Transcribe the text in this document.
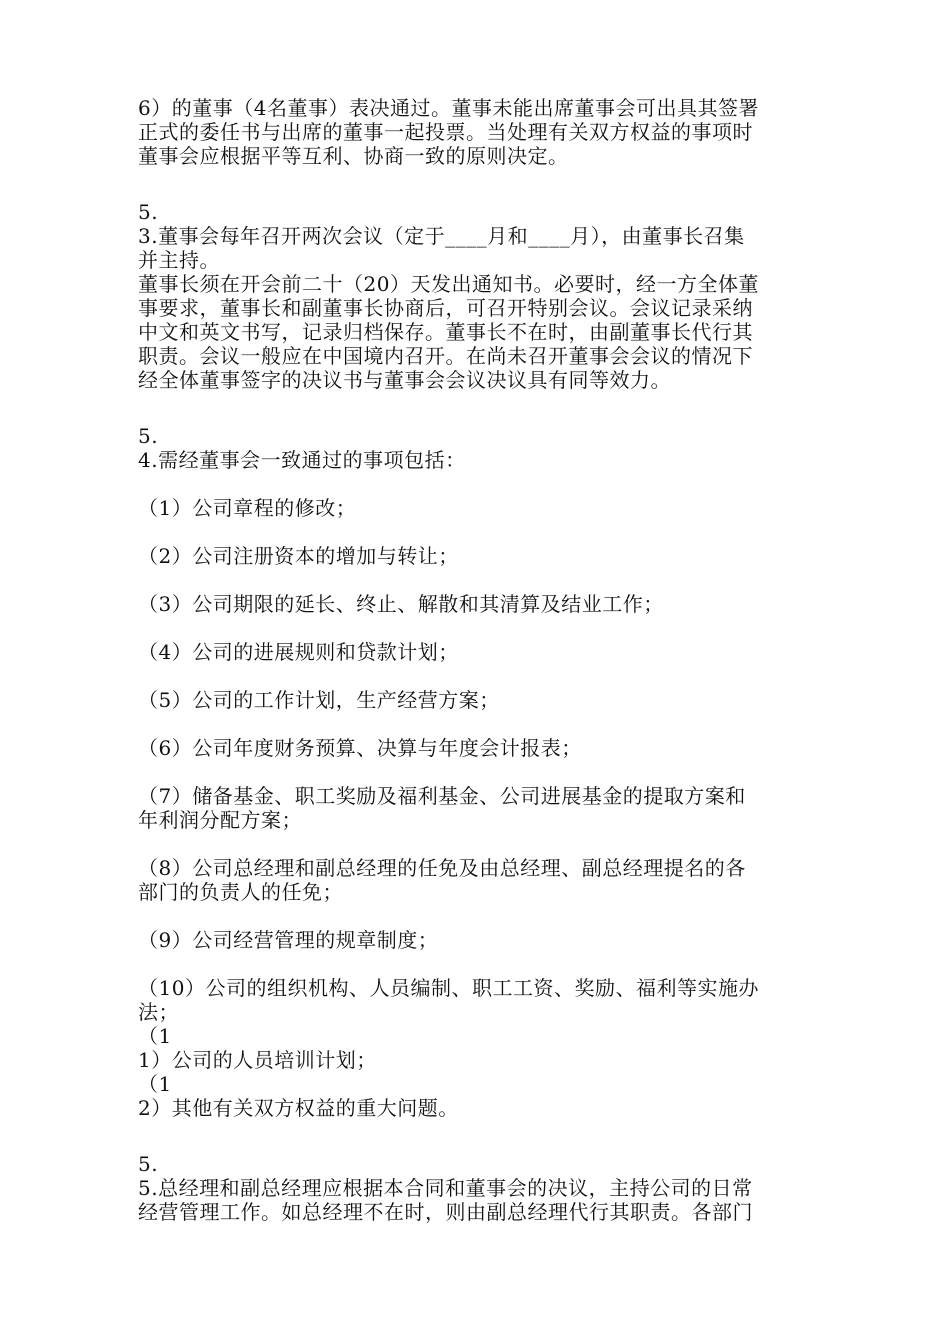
6）的董事（4名董事）表决通过。董事未能出席董事会可出具其签署
正式的委任书与出席的董事一起投票。当处理有关双方权益的事项时
董事会应根据平等互利、协商一致的原则决定。
5.
3.董事会每年召开两次会议（定于____月和____月），由董事长召集
并主持。
董事长须在开会前二十（20）天发出通知书。必要时，经一方全体董
事要求，董事长和副董事长协商后，可召开特别会议。会议记录采纳
中文和英文书写，记录归档保存。董事长不在时，由副董事长代行其
职责。会议一般应在中国境内召开。在尚未召开董事会会议的情况下
经全体董事签字的决议书与董事会会议决议具有同等效力。
5.
4.需经董事会一致通过的事项包括：
（1）公司章程的修改；
（2）公司注册资本的增加与转让；
（3）公司期限的延长、终止、解散和其清算及结业工作；
（4）公司的进展规则和贷款计划；
（5）公司的工作计划，生产经营方案；
（6）公司年度财务预算、决算与年度会计报表；
（7）储备基金、职工奖励及福利基金、公司进展基金的提取方案和
年利润分配方案；
（8）公司总经理和副总经理的任免及由总经理、副总经理提名的各
部门的负责人的任免；
（9）公司经营管理的规章制度；
（10）公司的组织机构、人员编制、职工工资、奖励、福利等实施办
法；
（1
1）公司的人员培训计划；
（1
2）其他有关双方权益的重大问题。
5.
5.总经理和副总经理应根据本合同和董事会的决议，主持公司的日常
经营管理工作。如总经理不在时，则由副总经理代行其职责。各部门
